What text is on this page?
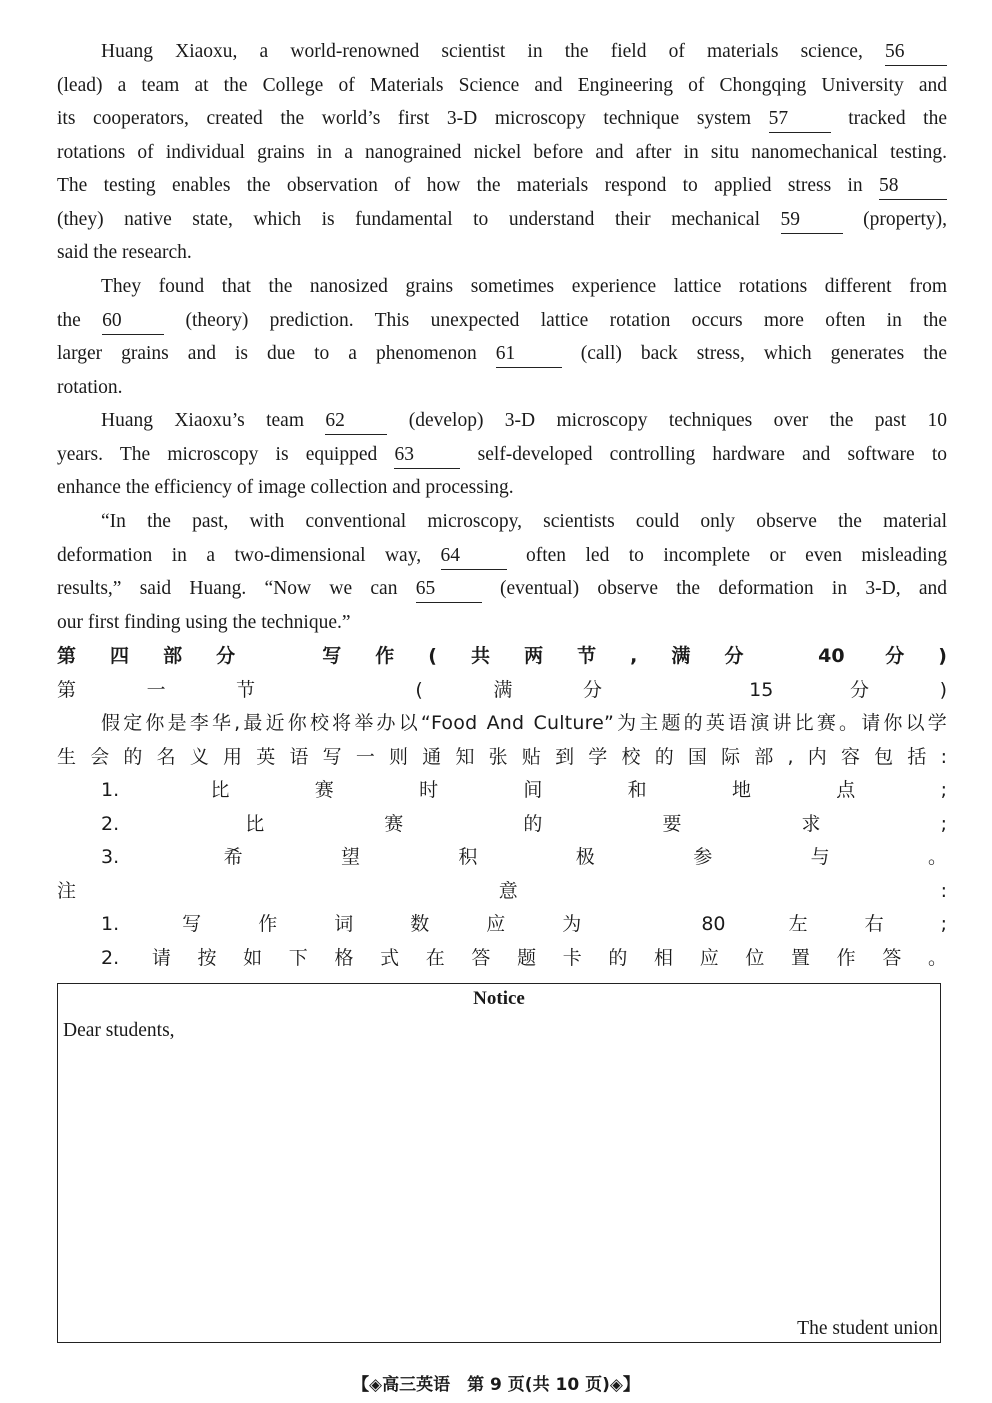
Huang Xiaoxu, a world-renowned scientist in the field of materials science, 56
(lead) a team at the College of Materials Science and Engineering of Chongqing University and
its cooperators, created the world’s first 3-D microscopy technique system 57	tracked the
rotations of individual grains in a nanograined nickel before and after in situ nanomechanical testing.
The testing enables the observation of how the materials respond to applied stress in 58
(they) native state, which is fundamental to understand their mechanical 59	(property),
said the research.
They found that the nanosized grains sometimes experience lattice rotations different from
the 60	(theory) prediction. This unexpected lattice rotation occurs more often in the
larger grains and is due to a phenomenon 61	(call) back stress, which generates the
rotation.
Huang Xiaoxu’s team 62	(develop) 3-D microscopy techniques over the past 10
years. The microscopy is equipped 63	self-developed controlling hardware and software to
enhance the efficiency of image collection and processing.
“In the past, with conventional microscopy, scientists could only observe the material
deformation in a two-dimensional way, 64	often led to incomplete or even misleading
results,” said Huang. “Now we can 65	(eventual) observe the deformation in 3-D, and
our first finding using the technique.”
第四部分　写作(共两节,满分 40 分)
第一节　(满分 15 分)
假定你是李华,最近你校将举办以“Food And Culture”为主题的英语演讲比赛。请你以学
生会的名义用英语写一则通知张贴到学校的国际部,内容包括:
1. 比赛时间和地点;
2. 比赛的要求;
3. 希望积极参与。
注意:
1. 写作词数应为 80 左右;
2. 请按如下格式在答题卡的相应位置作答。
Notice
Dear students,
The student union
【◈高三英语　第 9 页(共 10 页)◈】
